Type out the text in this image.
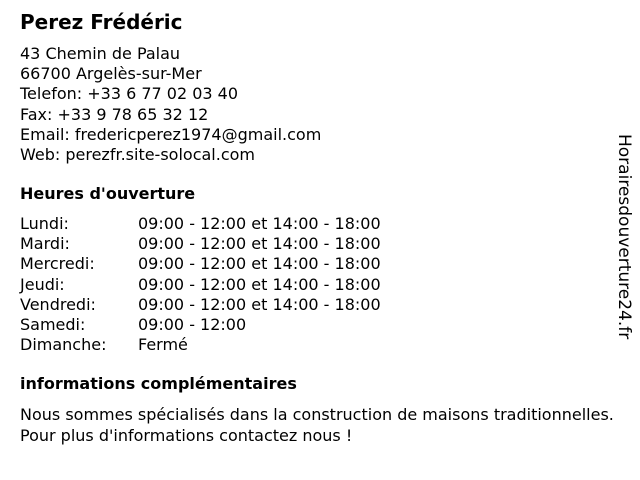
Perez Frédéric
43 Chemin de Palau
66700 Argelès-sur-Mer
Telefon: +33 6 77 02 03 40
Fax: +33 9 78 65 32 12
Email: fredericperez1974@gmail.com
Web: perezfr.site-solocal.com
Heures d'ouverture
Lundi:	09:00 - 12:00 et 14:00 - 18:00
Mardi:	09:00 - 12:00 et 14:00 - 18:00
Mercredi:	09:00 - 12:00 et 14:00 - 18:00
Jeudi:	09:00 - 12:00 et 14:00 - 18:00
Vendredi:	09:00 - 12:00 et 14:00 - 18:00
Samedi:	09:00 - 12:00
Dimanche:	Fermé
informations complémentaires
Nous sommes spécialisés dans la construction de maisons traditionnelles. Pour plus d'informations contactez nous !
Horairesdouverture24.fr
